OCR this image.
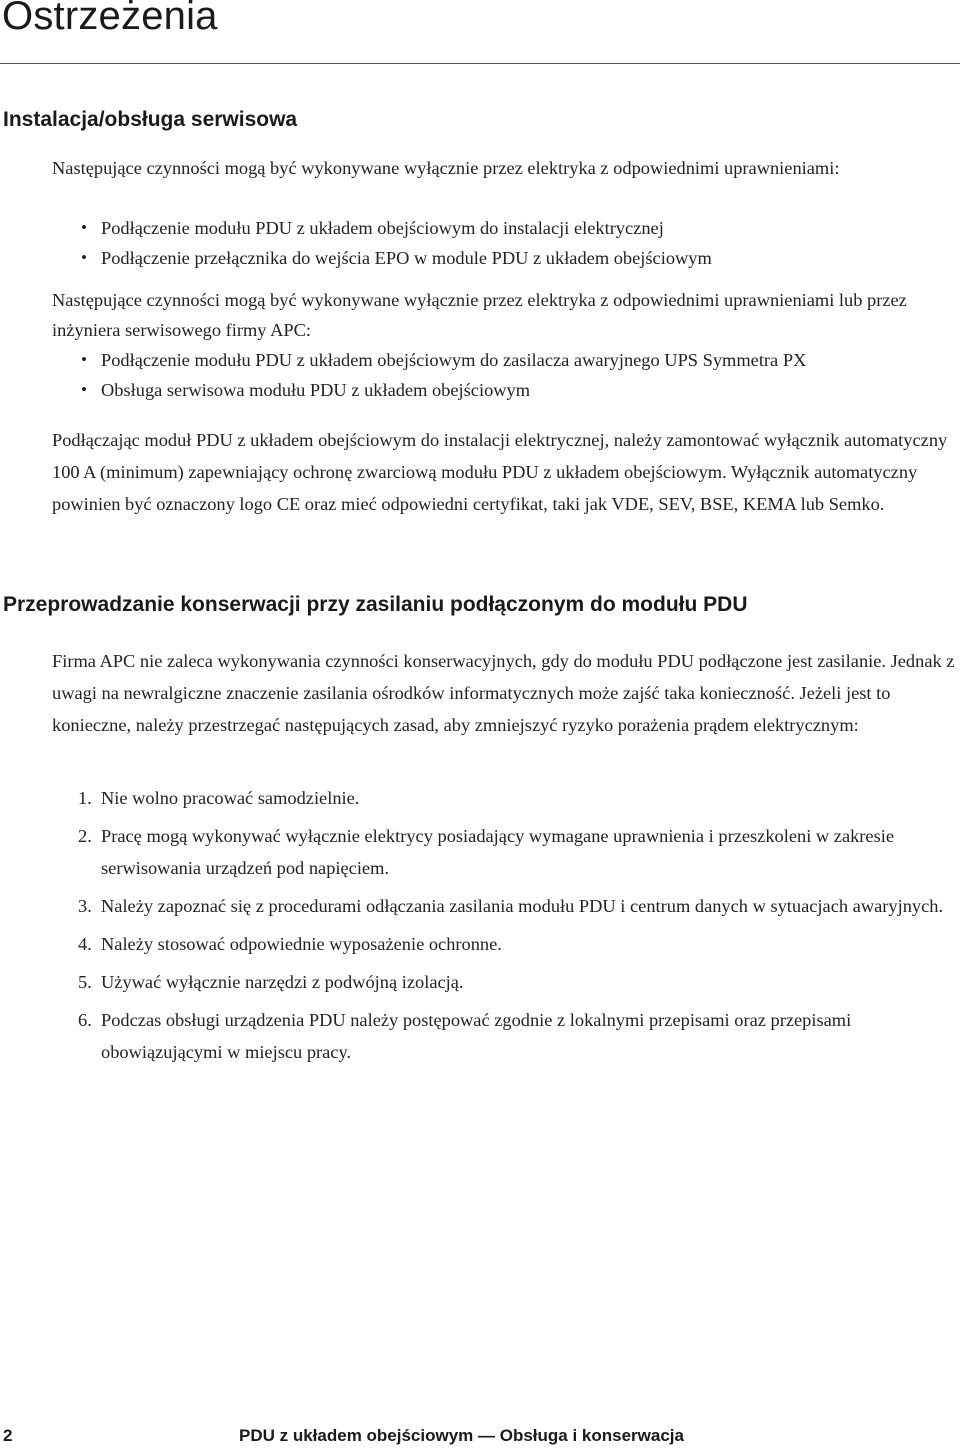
Ostrzeżenia
Instalacja/obsługa serwisowa

Następujące czynności mogą być wykonywane wyłącznie przez elektryka z odpowiednimi uprawnieniami:

• Podłączenie modułu PDU z układem obejściowym do instalacji elektrycznej
• Podłączenie przełącznika do wejścia EPO w module PDU z układem obejściowym

Następujące czynności mogą być wykonywane wyłącznie przez elektryka z odpowiednimi uprawnieniami lub przez inżyniera serwisowego firmy APC:

• Podłączenie modułu PDU z układem obejściowym do zasilacza awaryjnego UPS Symmetra PX
• Obsługa serwisowa modułu PDU z układem obejściowym

Podłączając moduł PDU z układem obejściowym do instalacji elektrycznej, należy zamontować wyłącznik automatyczny 100 A (minimum) zapewniający ochronę zwarciową modułu PDU z układem obejściowym. Wyłącznik automatyczny powinien być oznaczony logo CE oraz mieć odpowiedni certyfikat, taki jak VDE, SEV, BSE, KEMA lub Semko.

Przeprowadzanie konserwacji przy zasilaniu podłączonym do modułu PDU

Firma APC nie zaleca wykonywania czynności konserwacyjnych, gdy do modułu PDU podłączone jest zasilanie. Jednak z uwagi na newralgiczne znaczenie zasilania ośrodków informatycznych może zajść taka konieczność. Jeżeli jest to konieczne, należy przestrzegać następujących zasad, aby zmniejszyć ryzyko porażenia prądem elektrycznym:

1. Nie wolno pracować samodzielnie.
2. Pracę mogą wykonywać wyłącznie elektrycy posiadający wymagane uprawnienia i przeszkoleni w zakresie serwisowania urządzeń pod napięciem.
3. Należy zapoznać się z procedurami odłączania zasilania modułu PDU i centrum danych w sytuacjach awaryjnych.
4. Należy stosować odpowiednie wyposażenie ochronne.
5. Używać wyłącznie narzędzi z podwójną izolacją.
6. Podczas obsługi urządzenia PDU należy postępować zgodnie z lokalnymi przepisami oraz przepisami obowiązującymi w miejscu pracy.
2	PDU z układem obejściowym — Obsługa i konserwacja
